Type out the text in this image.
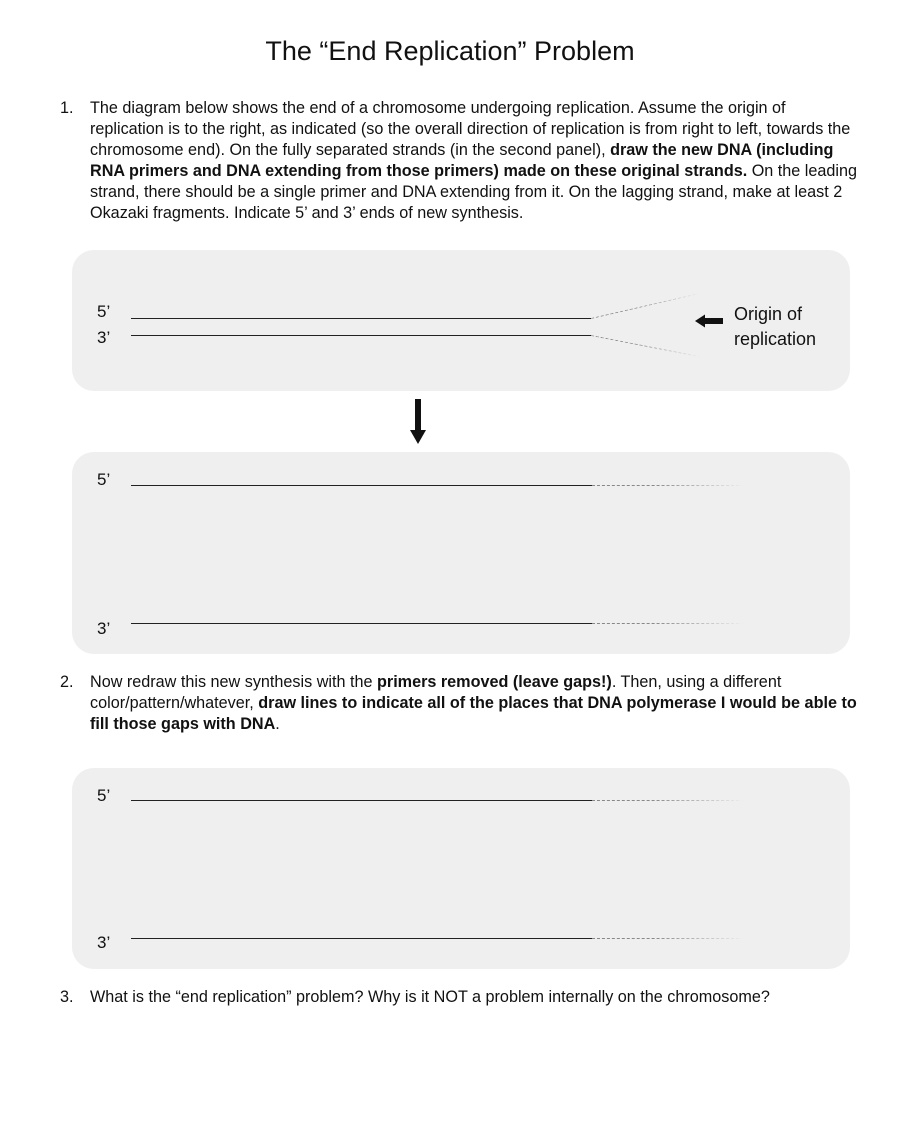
The “End Replication” Problem
1. The diagram below shows the end of a chromosome undergoing replication. Assume the origin of replication is to the right, as indicated (so the overall direction of replication is from right to left, towards the chromosome end). On the fully separated strands (in the second panel), draw the new DNA (including RNA primers and DNA extending from those primers) made on these original strands. On the leading strand, there should be a single primer and DNA extending from it. On the lagging strand, make at least 2 Okazaki fragments. Indicate 5’ and 3’ ends of new synthesis.
5’
3’
Origin of
replication
5’
3’
2. Now redraw this new synthesis with the primers removed (leave gaps!). Then, using a different color/pattern/whatever, draw lines to indicate all of the places that DNA polymerase I would be able to fill those gaps with DNA.
5’
3’
3. What is the “end replication” problem? Why is it NOT a problem internally on the chromosome?
